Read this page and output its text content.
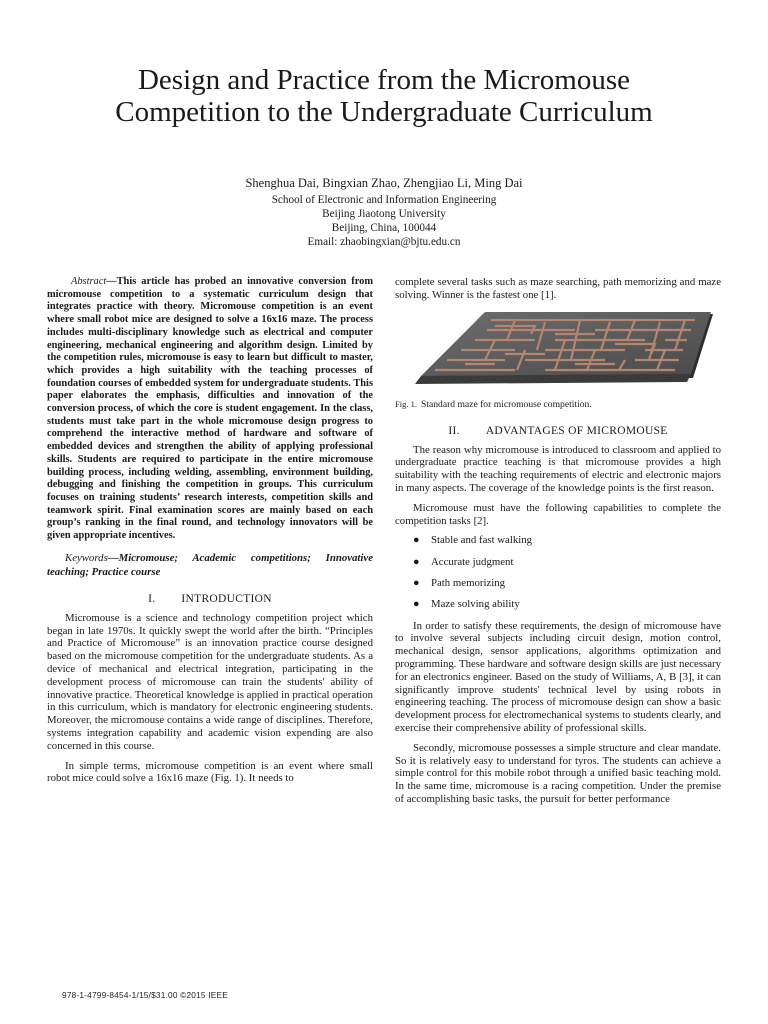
Design and Practice from the Micromouse
Competition to the Undergraduate Curriculum
Shenghua Dai, Bingxian Zhao, Zhengjiao Li, Ming Dai
School of Electronic and Information Engineering
Beijing Jiaotong University
Beijing, China, 100044
Email: zhaobingxian@bjtu.edu.cn

Abstract—This article has probed an innovative conversion from micromouse competition to a systematic curriculum design that integrates practice with theory. Micromouse competition is an event where small robot mice are designed to solve a 16x16 maze. The process includes multi-disciplinary knowledge such as electrical and computer engineering, mechanical engineering and algorithm design. Limited by the competition rules, micromouse is easy to learn but difficult to master, which provides a high suitability with the teaching processes of foundation courses of embedded system for undergraduate students. This paper elaborates the emphasis, difficulties and innovation of the conversion process, of which the core is student engagement. In the class, students must take part in the whole micromouse design progress to comprehend the interactive method of hardware and software of embedded devices and strengthen the ability of applying professional skills. Students are required to participate in the entire micromouse building process, including welding, assembling, environment building, debugging and finishing the competition in groups. This curriculum focuses on training students’ research interests, competition skills and teamwork spirit. Final examination scores are mainly based on each group’s ranking in the final round, and technology innovators will be given appropriate incentives.

Keywords—Micromouse; Academic competitions; Innovative teaching; Practice course

I. INTRODUCTION

Micromouse is a science and technology competition project which began in late 1970s. It quickly swept the world after the birth. “Principles and Practice of Micromouse” is an innovation practice course designed based on the micromouse competition for the undergraduate students. As a device of mechanical and electrical integration, participating in the development process of micromouse can train the students' ability of innovative practice. Theoretical knowledge is applied in practical operation in this curriculum, which is mandatory for electronic engineering students. Moreover, the micromouse contains a wide range of disciplines. Therefore, systems integration capability and academic vision expending are also concerned in this course.

In simple terms, micromouse competition is an event where small robot mice could solve a 16x16 maze (Fig. 1). It needs to

complete several tasks such as maze searching, path memorizing and maze solving. Winner is the fastest one [1].

Fig. 1. Standard maze for micromouse competition.
II. ADVANTAGES OF MICROMOUSE

The reason why micromouse is introduced to classroom and applied to undergraduate practice teaching is that micromouse provides a high suitability with the teaching requirements of electric and electronic majors in many aspects. The coverage of the knowledge points is the first reason.

Micromouse must have the following capabilities to complete the competition tasks [2].

● Stable and fast walking
● Accurate judgment
● Path memorizing
● Maze solving ability

In order to satisfy these requirements, the design of micromouse have to involve several subjects including circuit design, motion control, mechanical design, sensor applications, algorithms optimization and programming. These hardware and software design skills are just necessary for an electronics engineer. Based on the study of Williams, A, B [3], it can significantly improve students' technical level by using robots in engineering teaching. The process of micromouse design can show a basic development process for electromechanical systems to students clearly, and exercise their comprehensive ability of professional skills.

Secondly, micromouse possesses a simple structure and clear mandate. So it is relatively easy to understand for tyros. The students can achieve a simple control for this mobile robot through a unified basic teaching mold. In the same time, micromouse is a racing competition. Under the premise of accomplishing basic tasks, the pursuit for better performance

978-1-4799-8454-1/15/$31.00 ©2015 IEEE
